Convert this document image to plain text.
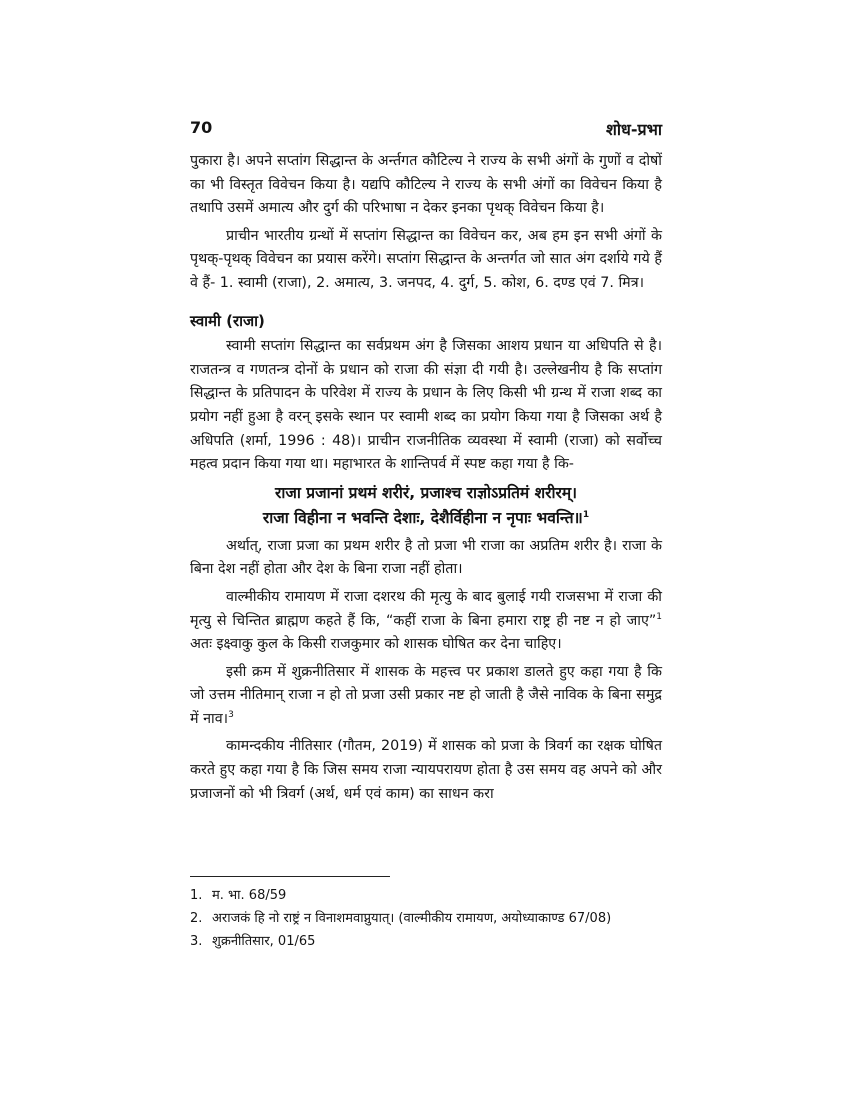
70	शोध-प्रभा

पुकारा है। अपने सप्तांग सिद्धान्त के अर्न्तगत कौटिल्य ने राज्य के सभी अंगों के गुणों व दोषों का भी विस्तृत विवेचन किया है। यद्यपि कौटिल्य ने राज्य के सभी अंगों का विवेचन किया है तथापि उसमें अमात्य और दुर्ग की परिभाषा न देकर इनका पृथक् विवेचन किया है।

प्राचीन भारतीय ग्रन्थों में सप्तांग सिद्धान्त का विवेचन कर, अब हम इन सभी अंगों के पृथक्-पृथक् विवेचन का प्रयास करेंगे। सप्तांग सिद्धान्त के अन्तर्गत जो सात अंग दर्शाये गये हैं वे हैं- 1. स्वामी (राजा), 2. अमात्य, 3. जनपद, 4. दुर्ग, 5. कोश, 6. दण्ड एवं 7. मित्र।

स्वामी (राजा)

स्वामी सप्तांग सिद्धान्त का सर्वप्रथम अंग है जिसका आशय प्रधान या अधिपति से है। राजतन्त्र व गणतन्त्र दोनों के प्रधान को राजा की संज्ञा दी गयी है। उल्लेखनीय है कि सप्तांग सिद्धान्त के प्रतिपादन के परिवेश में राज्य के प्रधान के लिए किसी भी ग्रन्थ में राजा शब्द का प्रयोग नहीं हुआ है वरन् इसके स्थान पर स्वामी शब्द का प्रयोग किया गया है जिसका अर्थ है अधिपति (शर्मा, 1996 : 48)। प्राचीन राजनीतिक व्यवस्था में स्वामी (राजा) को सर्वोच्च महत्व प्रदान किया गया था। महाभारत के शान्तिपर्व में स्पष्ट कहा गया है कि-

राजा प्रजानां प्रथमं शरीरं, प्रजाश्च राज्ञोऽप्रतिमं शरीरम्।
राजा विहीना न भवन्ति देशाः, देशैर्विहीना न नृपाः भवन्ति॥$^1$

अर्थात्, राजा प्रजा का प्रथम शरीर है तो प्रजा भी राजा का अप्रतिम शरीर है। राजा के बिना देश नहीं होता और देश के बिना राजा नहीं होता।

वाल्मीकीय रामायण में राजा दशरथ की मृत्यु के बाद बुलाई गयी राजसभा में राजा की मृत्यु से चिन्तित ब्राह्मण कहते हैं कि, “कहीं राजा के बिना हमारा राष्ट्र ही नष्ट न हो जाए”$^1$ अतः इक्ष्वाकु कुल के किसी राजकुमार को शासक घोषित कर देना चाहिए।

इसी क्रम में शुक्रनीतिसार में शासक के महत्त्व पर प्रकाश डालते हुए कहा गया है कि जो उत्तम नीतिमान् राजा न हो तो प्रजा उसी प्रकार नष्ट हो जाती है जैसे नाविक के बिना समुद्र में नाव।$^3$

कामन्दकीय नीतिसार (गौतम, 2019) में शासक को प्रजा के त्रिवर्ग का रक्षक घोषित करते हुए कहा गया है कि जिस समय राजा न्यायपरायण होता है उस समय वह अपने को और प्रजाजनों को भी त्रिवर्ग (अर्थ, धर्म एवं काम) का साधन करा

1. म. भा. 68/59
2. अराजकं हि नो राष्ट्रं न विनाशमवाप्नुयात्। (वाल्मीकीय रामायण, अयोध्याकाण्ड 67/08)
3. शुक्रनीतिसार, 01/65
